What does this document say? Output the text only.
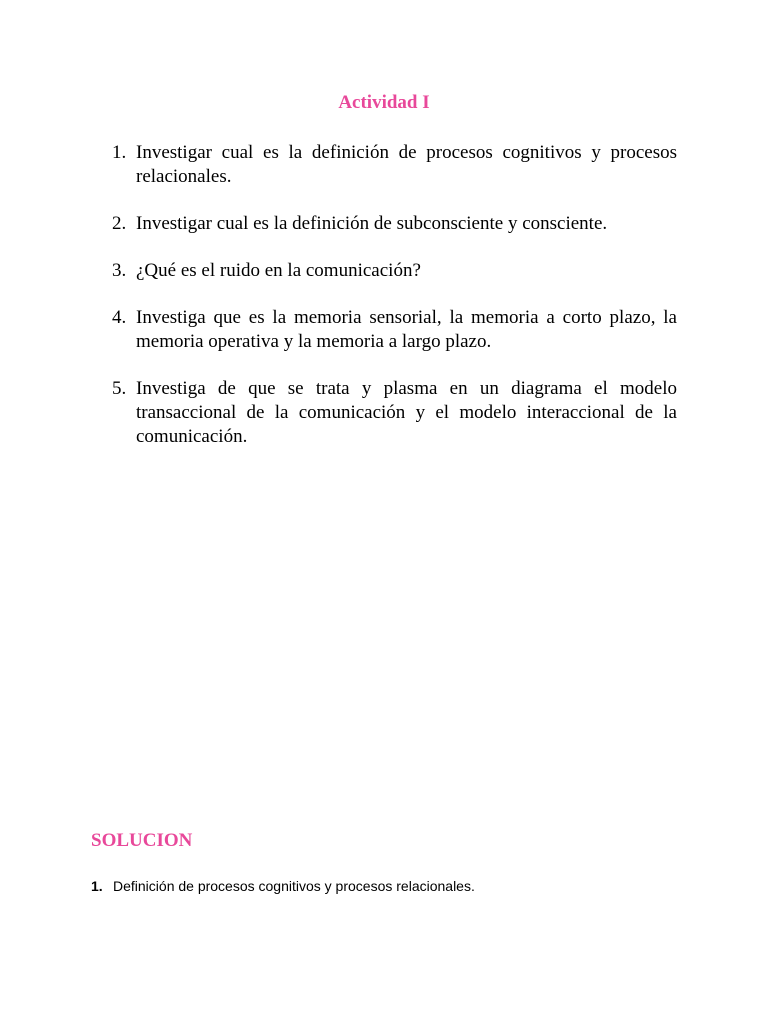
Actividad I
1. Investigar cual es la definición de procesos cognitivos y procesos relacionales.
2. Investigar cual es la definición de subconsciente y consciente.
3. ¿Qué es el ruido en la comunicación?
4. Investiga que es la memoria sensorial, la memoria a corto plazo, la memoria operativa y la memoria a largo plazo.
5. Investiga de que se trata y plasma en un diagrama el modelo transaccional de la comunicación y el modelo interaccional de la comunicación.
SOLUCION
1. Definición de procesos cognitivos y procesos relacionales.
